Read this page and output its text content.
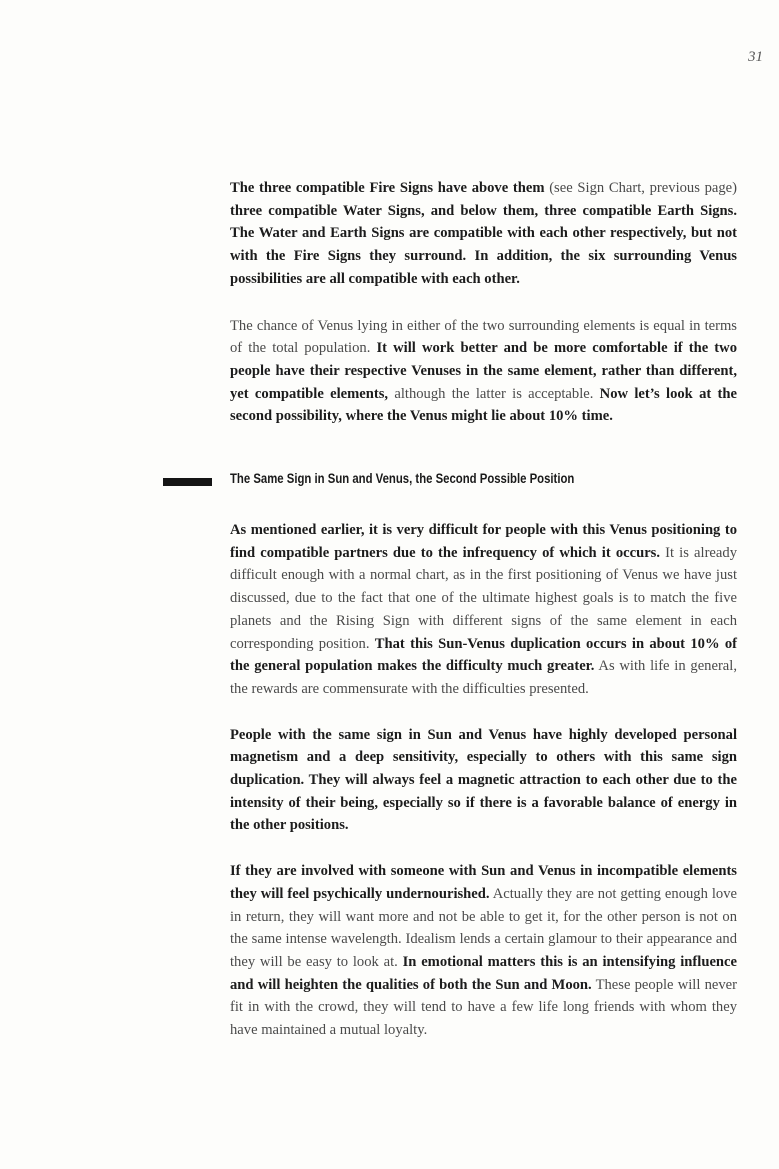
31

The three compatible Fire Signs have above them (see Sign Chart, previous page) three compatible Water Signs, and below them, three compatible Earth Signs. The Water and Earth Signs are compatible with each other respectively, but not with the Fire Signs they surround. In addition, the six surrounding Venus possibilities are all compatible with each other.

The chance of Venus lying in either of the two surrounding elements is equal in terms of the total population. It will work better and be more comfortable if the two people have their respective Venuses in the same element, rather than different, yet compatible elements, although the latter is acceptable. Now let’s look at the second possibility, where the Venus might lie about 10% time.

The Same Sign in Sun and Venus, the Second Possible Position

As mentioned earlier, it is very difficult for people with this Venus positioning to find compatible partners due to the infrequency of which it occurs. It is already difficult enough with a normal chart, as in the first positioning of Venus we have just discussed, due to the fact that one of the ultimate highest goals is to match the five planets and the Rising Sign with different signs of the same element in each corresponding position. That this Sun-Venus duplication occurs in about 10% of the general population makes the difficulty much greater. As with life in general, the rewards are commensurate with the difficulties presented.

People with the same sign in Sun and Venus have highly developed personal magnetism and a deep sensitivity, especially to others with this same sign duplication. They will always feel a magnetic attraction to each other due to the intensity of their being, especially so if there is a favorable balance of energy in the other positions.

If they are involved with someone with Sun and Venus in incompatible elements they will feel psychically undernourished. Actually they are not getting enough love in return, they will want more and not be able to get it, for the other person is not on the same intense wavelength. Idealism lends a certain glamour to their appearance and they will be easy to look at. In emotional matters this is an intensifying influence and will heighten the qualities of both the Sun and Moon. These people will never fit in with the crowd, they will tend to have a few life long friends with whom they have maintained a mutual loyalty.
